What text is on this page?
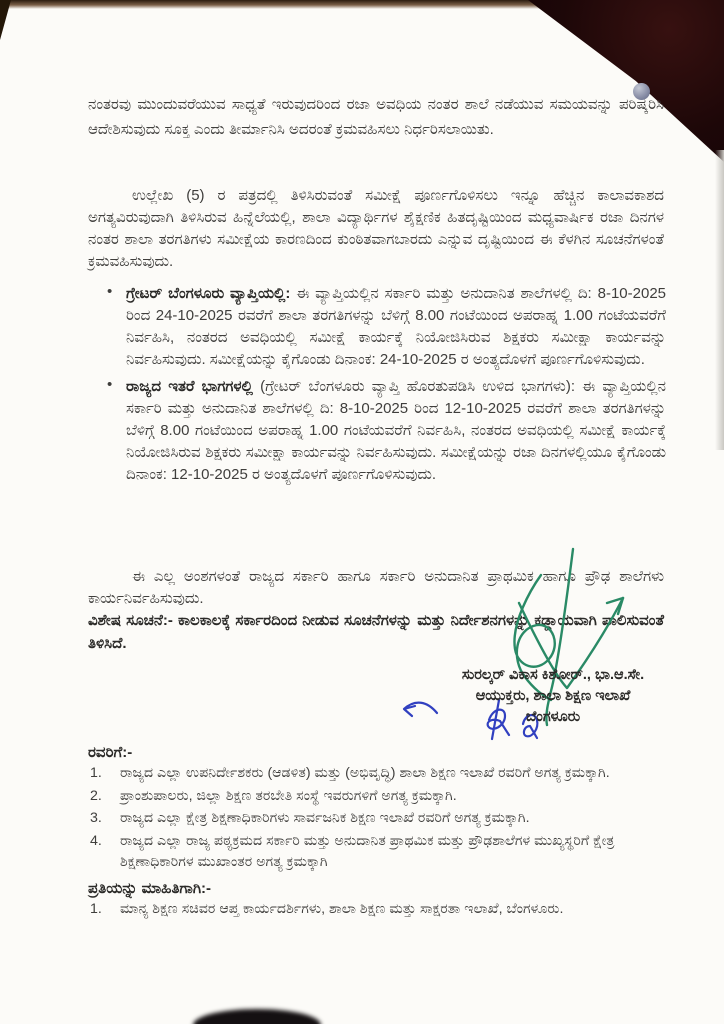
ನಂತರವು ಮುಂದುವರೆಯುವ ಸಾಧ್ಯತೆ ಇರುವುದರಿಂದ ರಜಾ ಅವಧಿಯ ನಂತರ ಶಾಲೆ ನಡೆಯುವ ಸಮಯವನ್ನು ಪರಿಷ್ಕರಿಸಿ ಆದೇಶಿಸುವುದು ಸೂಕ್ತ ಎಂದು ತೀರ್ಮಾನಿಸಿ ಅದರಂತೆ ಕ್ರಮವಹಿಸಲು ನಿರ್ಧರಿಸಲಾಯಿತು.

ಉಲ್ಲೇಖ (5) ರ ಪತ್ರದಲ್ಲಿ ತಿಳಿಸಿರುವಂತೆ ಸಮೀಕ್ಷೆ ಪೂರ್ಣಗೊಳಿಸಲು ಇನ್ನೂ ಹೆಚ್ಚಿನ ಕಾಲಾವಕಾಶದ ಅಗತ್ಯವಿರುವುದಾಗಿ ತಿಳಿಸಿರುವ ಹಿನ್ನೆಲೆಯಲ್ಲಿ, ಶಾಲಾ ವಿದ್ಯಾರ್ಥಿಗಳ ಶೈಕ್ಷಣಿಕ ಹಿತದೃಷ್ಟಿಯಿಂದ ಮಧ್ಯವಾರ್ಷಿಕ ರಜಾ ದಿನಗಳ ನಂತರ ಶಾಲಾ ತರಗತಿಗಳು ಸಮೀಕ್ಷೆಯ ಕಾರಣದಿಂದ ಕುಂಠಿತವಾಗಬಾರದು ಎನ್ನುವ ದೃಷ್ಟಿಯಿಂದ ಈ ಕೆಳಗಿನ ಸೂಚನೆಗಳಂತೆ ಕ್ರಮವಹಿಸುವುದು.

• ಗ್ರೇಟರ್ ಬೆಂಗಳೂರು ವ್ಯಾಪ್ತಿಯಲ್ಲಿ: ಈ ವ್ಯಾಪ್ತಿಯಲ್ಲಿನ ಸರ್ಕಾರಿ ಮತ್ತು ಅನುದಾನಿತ ಶಾಲೆಗಳಲ್ಲಿ ದಿ: 8-10-2025 ರಿಂದ 24-10-2025 ರವರೆಗೆ ಶಾಲಾ ತರಗತಿಗಳನ್ನು ಬೆಳಿಗ್ಗೆ 8.00 ಗಂಟೆಯಿಂದ ಅಪರಾಹ್ನ 1.00 ಗಂಟೆಯವರೆಗೆ ನಿರ್ವಹಿಸಿ, ನಂತರದ ಅವಧಿಯಲ್ಲಿ ಸಮೀಕ್ಷೆ ಕಾರ್ಯಕ್ಕೆ ನಿಯೋಜಿಸಿರುವ ಶಿಕ್ಷಕರು ಸಮೀಕ್ಷಾ ಕಾರ್ಯವನ್ನು ನಿರ್ವಹಿಸುವುದು. ಸಮೀಕ್ಷೆಯನ್ನು ಕೈಗೊಂಡು ದಿನಾಂಕ: 24-10-2025 ರ ಅಂತ್ಯದೊಳಗೆ ಪೂರ್ಣಗೊಳಿಸುವುದು.
• ರಾಜ್ಯದ ಇತರೆ ಭಾಗಗಳಲ್ಲಿ (ಗ್ರೇಟರ್ ಬೆಂಗಳೂರು ವ್ಯಾಪ್ತಿ ಹೊರತುಪಡಿಸಿ ಉಳಿದ ಭಾಗಗಳು): ಈ ವ್ಯಾಪ್ತಿಯಲ್ಲಿನ ಸರ್ಕಾರಿ ಮತ್ತು ಅನುದಾನಿತ ಶಾಲೆಗಳಲ್ಲಿ ದಿ: 8-10-2025 ರಿಂದ 12-10-2025 ರವರೆಗೆ ಶಾಲಾ ತರಗತಿಗಳನ್ನು ಬೆಳಿಗ್ಗೆ 8.00 ಗಂಟೆಯಿಂದ ಅಪರಾಹ್ನ 1.00 ಗಂಟೆಯವರೆಗೆ ನಿರ್ವಹಿಸಿ, ನಂತರದ ಅವಧಿಯಲ್ಲಿ ಸಮೀಕ್ಷೆ ಕಾರ್ಯಕ್ಕೆ ನಿಯೋಜಿಸಿರುವ ಶಿಕ್ಷಕರು ಸಮೀಕ್ಷಾ ಕಾರ್ಯವನ್ನು ನಿರ್ವಹಿಸುವುದು. ಸಮೀಕ್ಷೆಯನ್ನು ರಜಾ ದಿನಗಳಲ್ಲಿಯೂ ಕೈಗೊಂಡು ದಿನಾಂಕ: 12-10-2025 ರ ಅಂತ್ಯದೊಳಗೆ ಪೂರ್ಣಗೊಳಿಸುವುದು.

ಈ ಎಲ್ಲ ಅಂಶಗಳಂತೆ ರಾಜ್ಯದ ಸರ್ಕಾರಿ ಹಾಗೂ ಸರ್ಕಾರಿ ಅನುದಾನಿತ ಪ್ರಾಥಮಿಕ ಹಾಗೂ ಪ್ರೌಢ ಶಾಲೆಗಳು ಕಾರ್ಯನಿರ್ವಹಿಸುವುದು.

ವಿಶೇಷ ಸೂಚನೆ:- ಕಾಲಕಾಲಕ್ಕೆ ಸರ್ಕಾರದಿಂದ ನೀಡುವ ಸೂಚನೆಗಳನ್ನು ಮತ್ತು ನಿರ್ದೇಶನಗಳನ್ನು ಕಡ್ಡಾಯವಾಗಿ ಪಾಲಿಸುವಂತೆ ತಿಳಿಸಿದೆ.

ಸುರಲ್ಕರ್ ವಿಕಾಸ ಕಿಶೋರ್., ಭಾ.ಆ.ಸೇ.
ಆಯುಕ್ತರು, ಶಾಲಾ ಶಿಕ್ಷಣ ಇಲಾಖೆ
ಬೆಂಗಳೂರು
ರವರಿಗೆ:-
1.	ರಾಜ್ಯದ ಎಲ್ಲಾ ಉಪನಿರ್ದೇಶಕರು (ಆಡಳಿತ) ಮತ್ತು (ಅಭಿವೃದ್ಧಿ) ಶಾಲಾ ಶಿಕ್ಷಣ ಇಲಾಖೆ ರವರಿಗೆ ಅಗತ್ಯ ಕ್ರಮಕ್ಕಾಗಿ.
2.	ಪ್ರಾಂಶುಪಾಲರು, ಜಿಲ್ಲಾ ಶಿಕ್ಷಣ ತರಬೇತಿ ಸಂಸ್ಥೆ ಇವರುಗಳಿಗೆ ಅಗತ್ಯ ಕ್ರಮಕ್ಕಾಗಿ.
3.	ರಾಜ್ಯದ ಎಲ್ಲಾ ಕ್ಷೇತ್ರ ಶಿಕ್ಷಣಾಧಿಕಾರಿಗಳು ಸಾರ್ವಜನಿಕ ಶಿಕ್ಷಣ ಇಲಾಖೆ ರವರಿಗೆ ಅಗತ್ಯ ಕ್ರಮಕ್ಕಾಗಿ.
4.	ರಾಜ್ಯದ ಎಲ್ಲಾ ರಾಜ್ಯ ಪಠ್ಯಕ್ರಮದ ಸರ್ಕಾರಿ ಮತ್ತು ಅನುದಾನಿತ ಪ್ರಾಥಮಿಕ ಮತ್ತು ಪ್ರೌಢಶಾಲೆಗಳ ಮುಖ್ಯಸ್ಥರಿಗೆ ಕ್ಷೇತ್ರ ಶಿಕ್ಷಣಾಧಿಕಾರಿಗಳ ಮುಖಾಂತರ ಅಗತ್ಯ ಕ್ರಮಕ್ಕಾಗಿ
ಪ್ರತಿಯನ್ನು ಮಾಹಿತಿಗಾಗಿ:-
1.	ಮಾನ್ಯ ಶಿಕ್ಷಣ ಸಚಿವರ ಆಪ್ತ ಕಾರ್ಯದರ್ಶಿಗಳು, ಶಾಲಾ ಶಿಕ್ಷಣ ಮತ್ತು ಸಾಕ್ಷರತಾ ಇಲಾಖೆ, ಬೆಂಗಳೂರು.
